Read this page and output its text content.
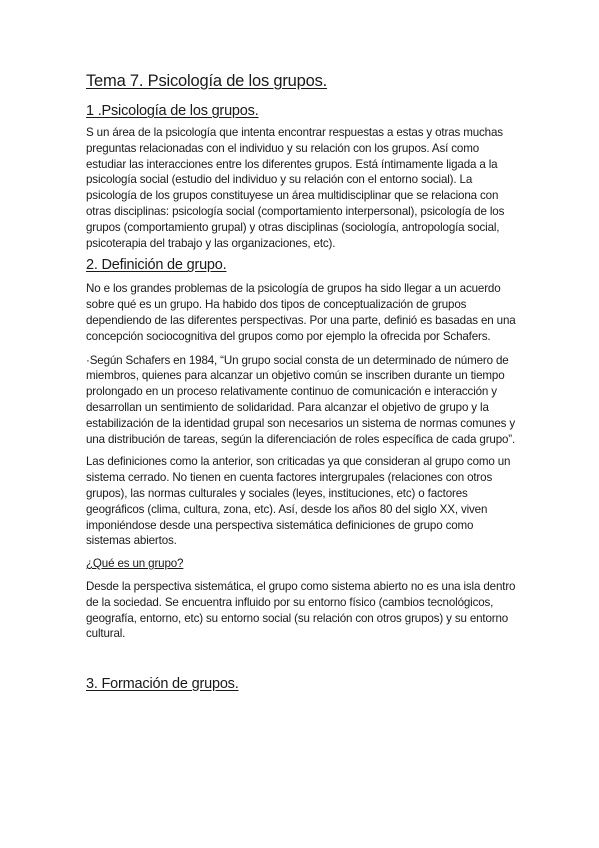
Tema 7. Psicología de los grupos.
1 .Psicología de los grupos.

S un área de la psicología que intenta encontrar respuestas a estas y otras muchas preguntas relacionadas con el individuo y su relación con los grupos. Así como estudiar las interacciones entre los diferentes grupos. Está íntimamente ligada a la psicología social (estudio del individuo y su relación con el entorno social). La psicología de los grupos constituyese un área multidisciplinar que se relaciona con otras disciplinas: psicología social (comportamiento interpersonal), psicología de los grupos (comportamiento grupal) y otras disciplinas (sociología, antropología social, psicoterapia del trabajo y las organizaciones, etc).

2. Definición de grupo.

No e los grandes problemas de la psicología de grupos ha sido llegar a un acuerdo sobre qué es un grupo. Ha habido dos tipos de conceptualización de grupos dependiendo de las diferentes perspectivas. Por una parte, definió es basadas en una concepción sociocognitiva del grupos como por ejemplo la ofrecida por Schafers.

·Según Schafers en 1984, “Un grupo social consta de un determinado de número de miembros, quienes para alcanzar un objetivo común se inscriben durante un tiempo prolongado en un proceso relativamente continuo de comunicación e interacción y desarrollan un sentimiento de solidaridad. Para alcanzar el objetivo de grupo y la estabilización de la identidad grupal son necesarios un sistema de normas comunes y una distribución de tareas, según la diferenciación de roles específica de cada grupo”.

Las definiciones como la anterior, son criticadas ya que consideran al grupo como un sistema cerrado. No tienen en cuenta factores intergrupales (relaciones con otros grupos), las normas culturales y sociales (leyes, instituciones, etc) o factores geográficos (clima, cultura, zona, etc). Así, desde los años 80 del siglo XX, viven imponiéndose desde una perspectiva sistemática definiciones de grupo como sistemas abiertos.

¿Qué es un grupo?

Desde la perspectiva sistemática, el grupo como sistema abierto no es una isla dentro de la sociedad. Se encuentra influido por su entorno físico (cambios tecnológicos, geografía, entorno, etc) su entorno social (su relación con otros grupos) y su entorno cultural.

3. Formación de grupos.
